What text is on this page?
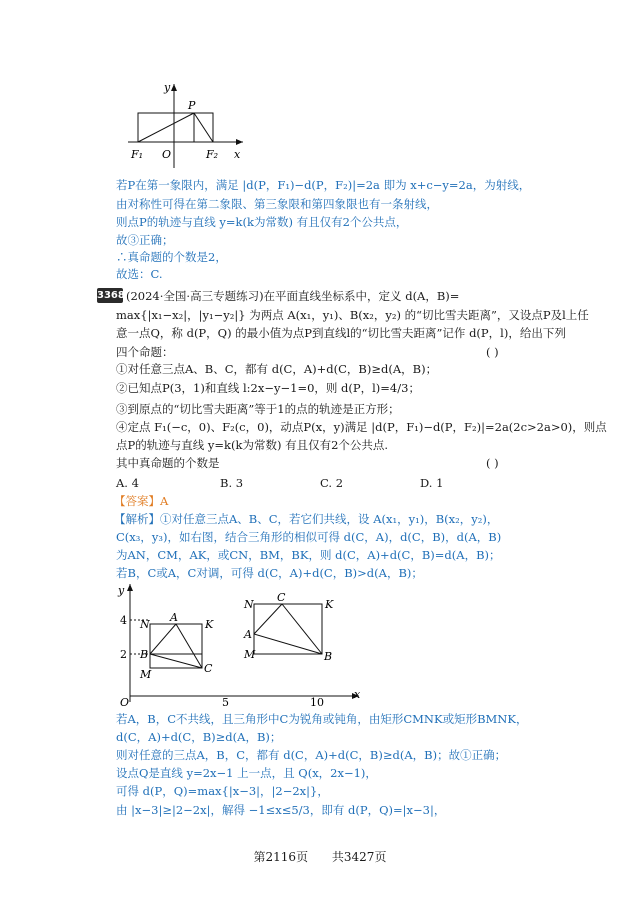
y
P
x
F₁ O	F₂
若P在第一象限内，满足 |d(P，F₁)−d(P，F₂)|=2a 即为 x+c−y=2a，为射线，
由对称性可得在第二象限、第三象限和第四象限也有一条射线，
则点P的轨迹与直线 y=k(k为常数) 有且仅有2个公共点，
故③正确；
∴真命题的个数是2，
故选：C.
3368 (2024·全国·高三专题练习)在平面直线坐标系中，定义 d(A，B)=
max{|x₁−x₂|，|y₁−y₂|} 为两点 A(x₁，y₁)、B(x₂，y₂) 的“切比雪夫距离”，又设点P及l上任
意一点Q，称 d(P，Q) 的最小值为点P到直线l的“切比雪夫距离”记作 d(P，l)，给出下列
四个命题：	( )
①对任意三点A、B、C，都有 d(C，A)+d(C，B)≥d(A，B)；
②已知点P(3，1)和直线 l:2x−y−1=0，则 d(P，l)=4/3；
③到原点的“切比雪夫距离”等于1的点的轨迹是正方形；
④定点 F₁(−c，0)、F₂(c，0)，动点P(x，y)满足 |d(P，F₁)−d(P，F₂)|=2a(2c>2a>0)，则点
点P的轨迹与直线 y=k(k为常数) 有且仅有2个公共点.
其中真命题的个数是	( )
A. 4	B. 3	C. 2	D. 1
【答案】A
【解析】①对任意三点A、B、C，若它们共线，设 A(x₁，y₁)，B(x₂，y₂)，
C(x₃，y₃)，如右图，结合三角形的相似可得 d(C，A)，d(C，B)，d(A，B)
为AN，CM，AK，或CN，BM，BK，则 d(C，A)+d(C，B)=d(A，B)；
若B，C或A，C对调，可得 d(C，A)+d(C，B)>d(A，B)；
y
x
O
4
2
5	10
N
A
K
B
M	C
N
C
K
A
M	B
若A，B，C不共线，且三角形中C为锐角或钝角，由矩形CMNK或矩形BMNK，
d(C，A)+d(C，B)≥d(A，B)；
则对任意的三点A，B，C，都有 d(C，A)+d(C，B)≥d(A，B)；故①正确；
设点Q是直线 y=2x−1 上一点，且 Q(x，2x−1)，
可得 d(P，Q)=max{|x−3|，|2−2x|}，
由 |x−3|≥|2−2x|，解得 −1≤x≤5/3，即有 d(P，Q)=|x−3|，
第2116页 共3427页
